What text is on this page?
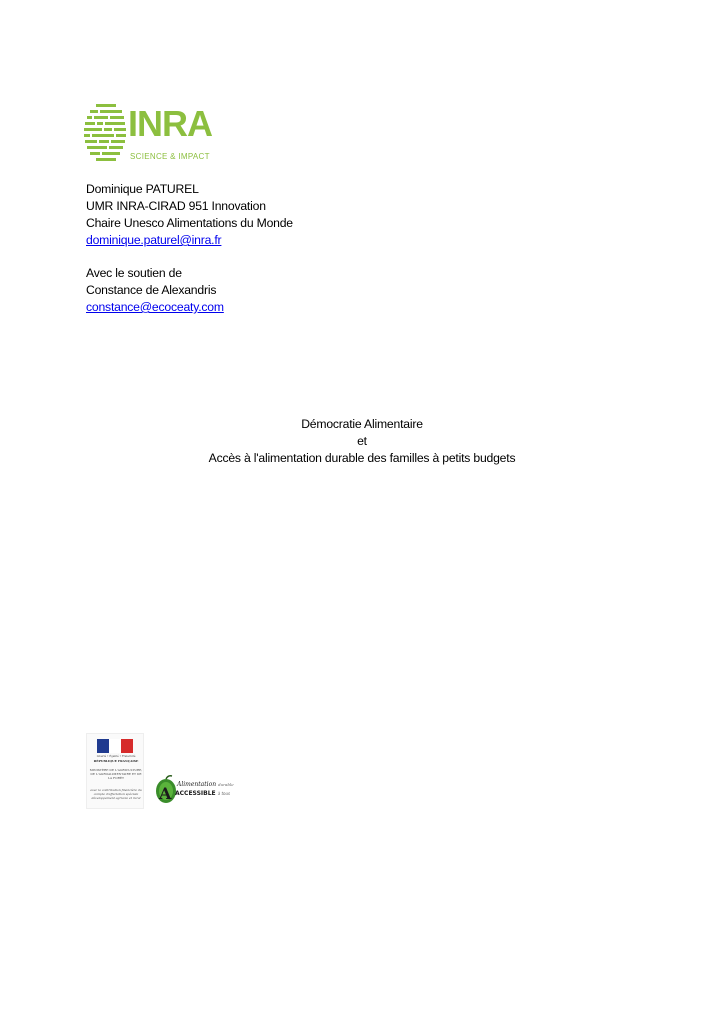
INRA
SCIENCE & IMPACT
Dominique PATUREL
UMR INRA-CIRAD 951 Innovation
Chaire Unesco Alimentations du Monde
dominique.paturel@inra.fr
Avec le soutien de
Constance de Alexandris
constance@ecoceaty.com
Démocratie Alimentaire
et
Accès à l'alimentation durable des familles à petits budgets
Liberté • Égalité • Fraternité
RÉPUBLIQUE FRANÇAISE
MINISTÈRE DE L'AGRICULTURE, DE L'AGROALIMENTAIRE ET DE LA FORÊT
avec la contribution financière du compte d'affectation spéciale développement agricole et rural A Alimentation durable
ACCESSIBLE à tous
